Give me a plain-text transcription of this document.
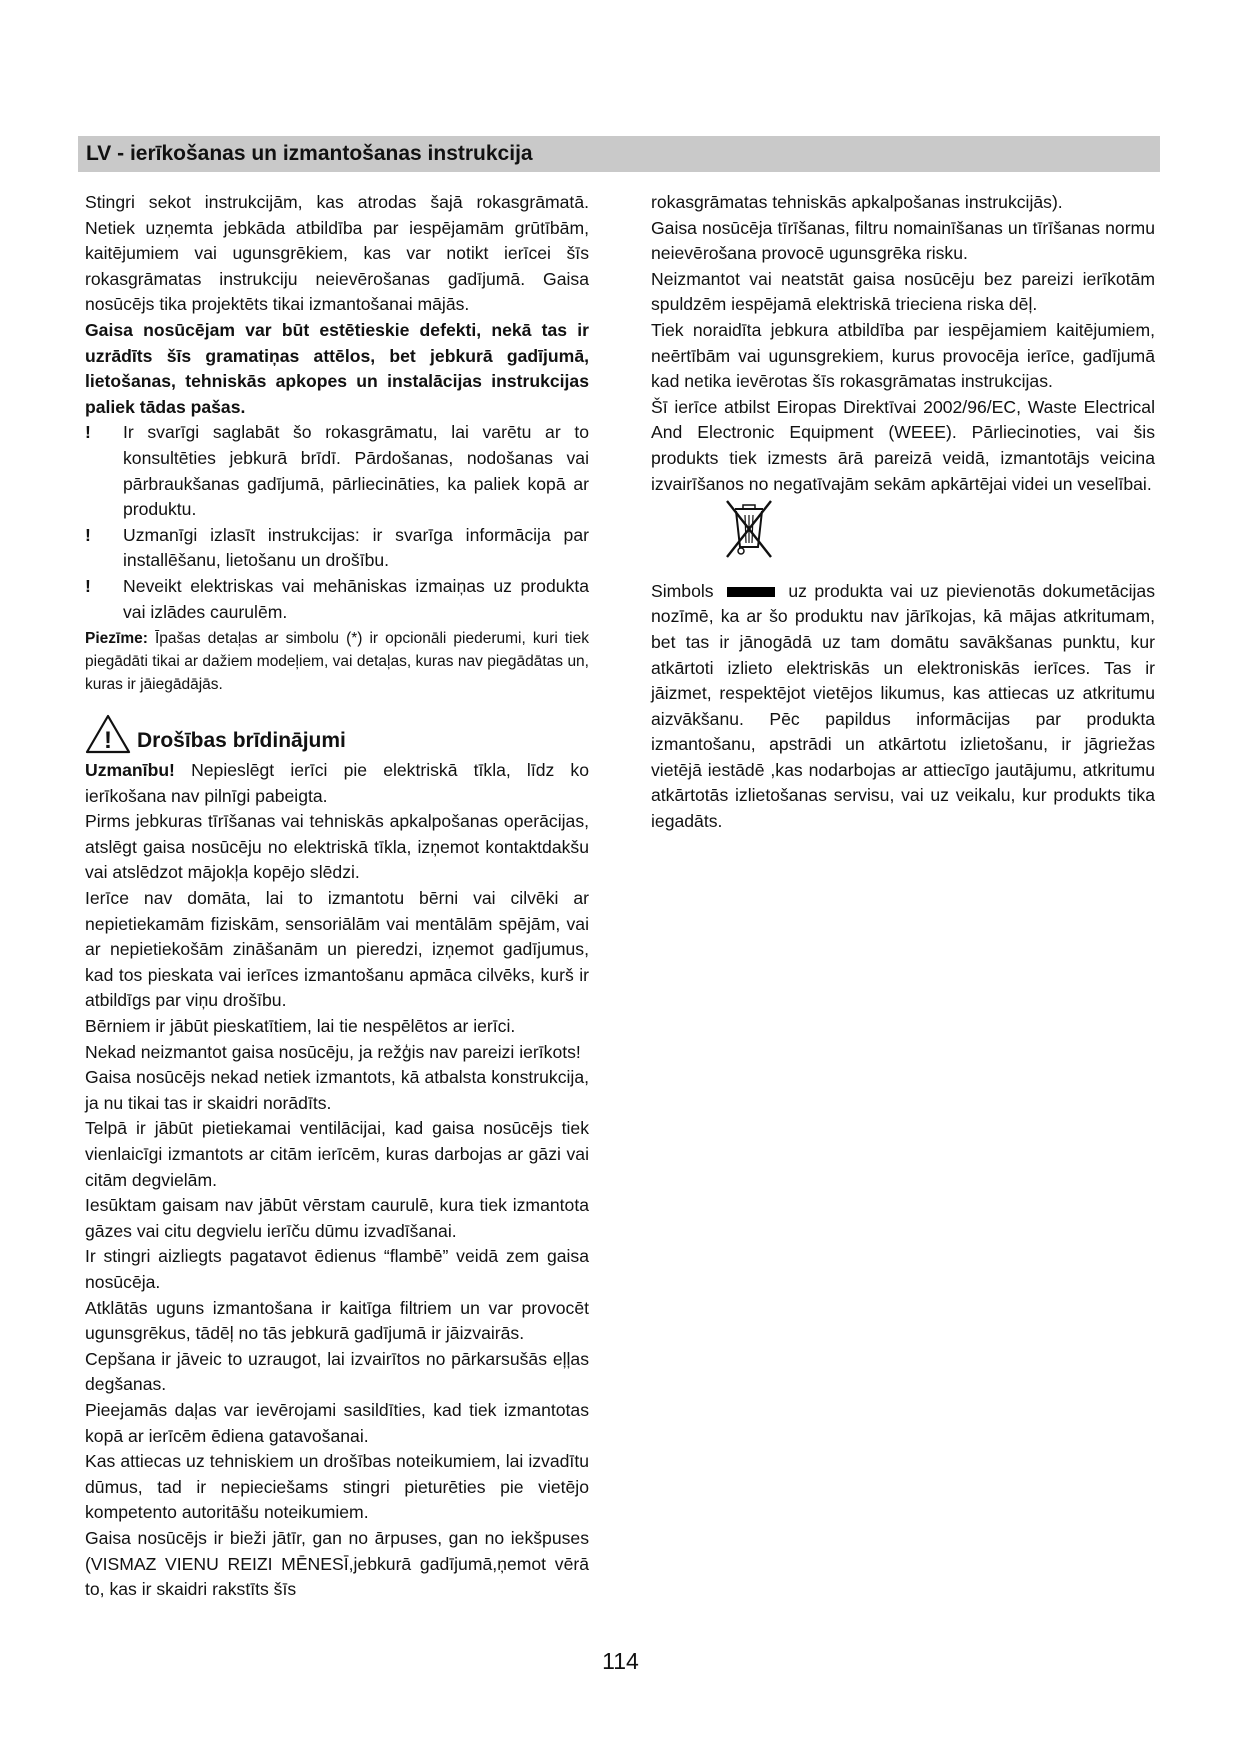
LV - ierīkošanas un izmantošanas instrukcija

Stingri sekot instrukcijām, kas atrodas šajā rokasgrāmatā. Netiek uzņemta jebkāda atbildība par iespējamām grūtībām, kaitējumiem vai ugunsgrēkiem, kas var notikt ierīcei šīs rokasgrāmatas instrukciju neievērošanas gadījumā. Gaisa nosūcējs tika projektēts tikai izmantošanai mājās.

Gaisa nosūcējam var būt estētieskie defekti, nekā tas ir uzrādīts šīs gramatiņas attēlos, bet jebkurā gadījumā, lietošanas, tehniskās apkopes un instalācijas instrukcijas paliek tādas pašas.

! Ir svarīgi saglabāt šo rokasgrāmatu, lai varētu ar to konsultēties jebkurā brīdī. Pārdošanas, nodošanas vai pārbraukšanas gadījumā, pārliecināties, ka paliek kopā ar produktu.
! Uzmanīgi izlasīt instrukcijas: ir svarīga informācija par installēšanu, lietošanu un drošību.
! Neveikt elektriskas vai mehāniskas izmaiņas uz produkta vai izlādes caurulēm.

Piezīme: Īpašas detaļas ar simbolu (*) ir opcionāli piederumi, kuri tiek piegādāti tikai ar dažiem modeļiem, vai detaļas, kuras nav piegādātas un, kuras ir jāiegādājās.

! Drošības brīdinājumi

Uzmanību! Nepieslēgt ierīci pie elektriskā tīkla, līdz ko ierīkošana nav pilnīgi pabeigta.

Pirms jebkuras tīrīšanas vai tehniskās apkalpošanas operācijas, atslēgt gaisa nosūcēju no elektriskā tīkla, izņemot kontaktdakšu vai atslēdzot mājokļa kopējo slēdzi.

Ierīce nav domāta, lai to izmantotu bērni vai cilvēki ar nepietiekamām fiziskām, sensoriālām vai mentālām spējām, vai ar nepietiekošām zināšanām un pieredzi, izņemot gadījumus, kad tos pieskata vai ierīces izmantošanu apmāca cilvēks, kurš ir atbildīgs par viņu drošību.

Bērniem ir jābūt pieskatītiem, lai tie nespēlētos ar ierīci.

Nekad neizmantot gaisa nosūcēju, ja režģis nav pareizi ierīkots!

Gaisa nosūcējs nekad netiek izmantots, kā atbalsta konstrukcija, ja nu tikai tas ir skaidri norādīts.

Telpā ir jābūt pietiekamai ventilācijai, kad gaisa nosūcējs tiek vienlaicīgi izmantots ar citām ierīcēm, kuras darbojas ar gāzi vai citām degvielām.

Iesūktam gaisam nav jābūt vērstam caurulē, kura tiek izmantota gāzes vai citu degvielu ierīču dūmu izvadīšanai.

Ir stingri aizliegts pagatavot ēdienus “flambē” veidā zem gaisa nosūcēja.

Atklātās uguns izmantošana ir kaitīga filtriem un var provocēt ugunsgrēkus, tādēļ no tās jebkurā gadījumā ir jāizvairās.

Cepšana ir jāveic to uzraugot, lai izvairītos no pārkarsušās eļļas degšanas.

Pieejamās daļas var ievērojami sasildīties, kad tiek izmantotas kopā ar ierīcēm ēdiena gatavošanai.

Kas attiecas uz tehniskiem un drošības noteikumiem, lai izvadītu dūmus, tad ir nepieciešams stingri pieturēties pie vietējo kompetento autoritāšu noteikumiem.

Gaisa nosūcējs ir bieži jātīr, gan no ārpuses, gan no iekšpuses (VISMAZ VIENU REIZI MĒNESĪ,jebkurā gadījumā,ņemot vērā to, kas ir skaidri rakstīts šīs

rokasgrāmatas tehniskās apkalpošanas instrukcijās).

Gaisa nosūcēja tīrīšanas, filtru nomainīšanas un tīrīšanas normu neievērošana provocē ugunsgrēka risku.

Neizmantot vai neatstāt gaisa nosūcēju bez pareizi ierīkotām spuldzēm iespējamā elektriskā trieciena riska dēļ.

Tiek noraidīta jebkura atbildība par iespējamiem kaitējumiem, neērtībām vai ugunsgrekiem, kurus provocēja ierīce, gadījumā kad netika ievērotas šīs rokasgrāmatas instrukcijas.

Šī ierīce atbilst Eiropas Direktīvai 2002/96/EC, Waste Electrical And Electronic Equipment (WEEE). Pārliecinoties, vai šis produkts tiek izmests ārā pareizā veidā, izmantotājs veicina izvairīšanos no negatīvajām sekām apkārtējai videi un veselībai.

Simbols	uz produkta vai uz pievienotās dokumetācijas nozīmē, ka ar šo produktu nav jārīkojas, kā mājas atkritumam, bet tas ir jānogādā uz tam domātu savākšanas punktu, kur atkārtoti izlieto elektriskās un elektroniskās ierīces. Tas ir jāizmet, respektējot vietējos likumus, kas attiecas uz atkritumu aizvākšanu. Pēc papildus informācijas par produkta izmantošanu, apstrādi un atkārtotu izlietošanu, ir jāgriežas vietējā iestādē ,kas nodarbojas ar attiecīgo jautājumu, atkritumu atkārtotās izlietošanas servisu, vai uz veikalu, kur produkts tika iegadāts.

114
